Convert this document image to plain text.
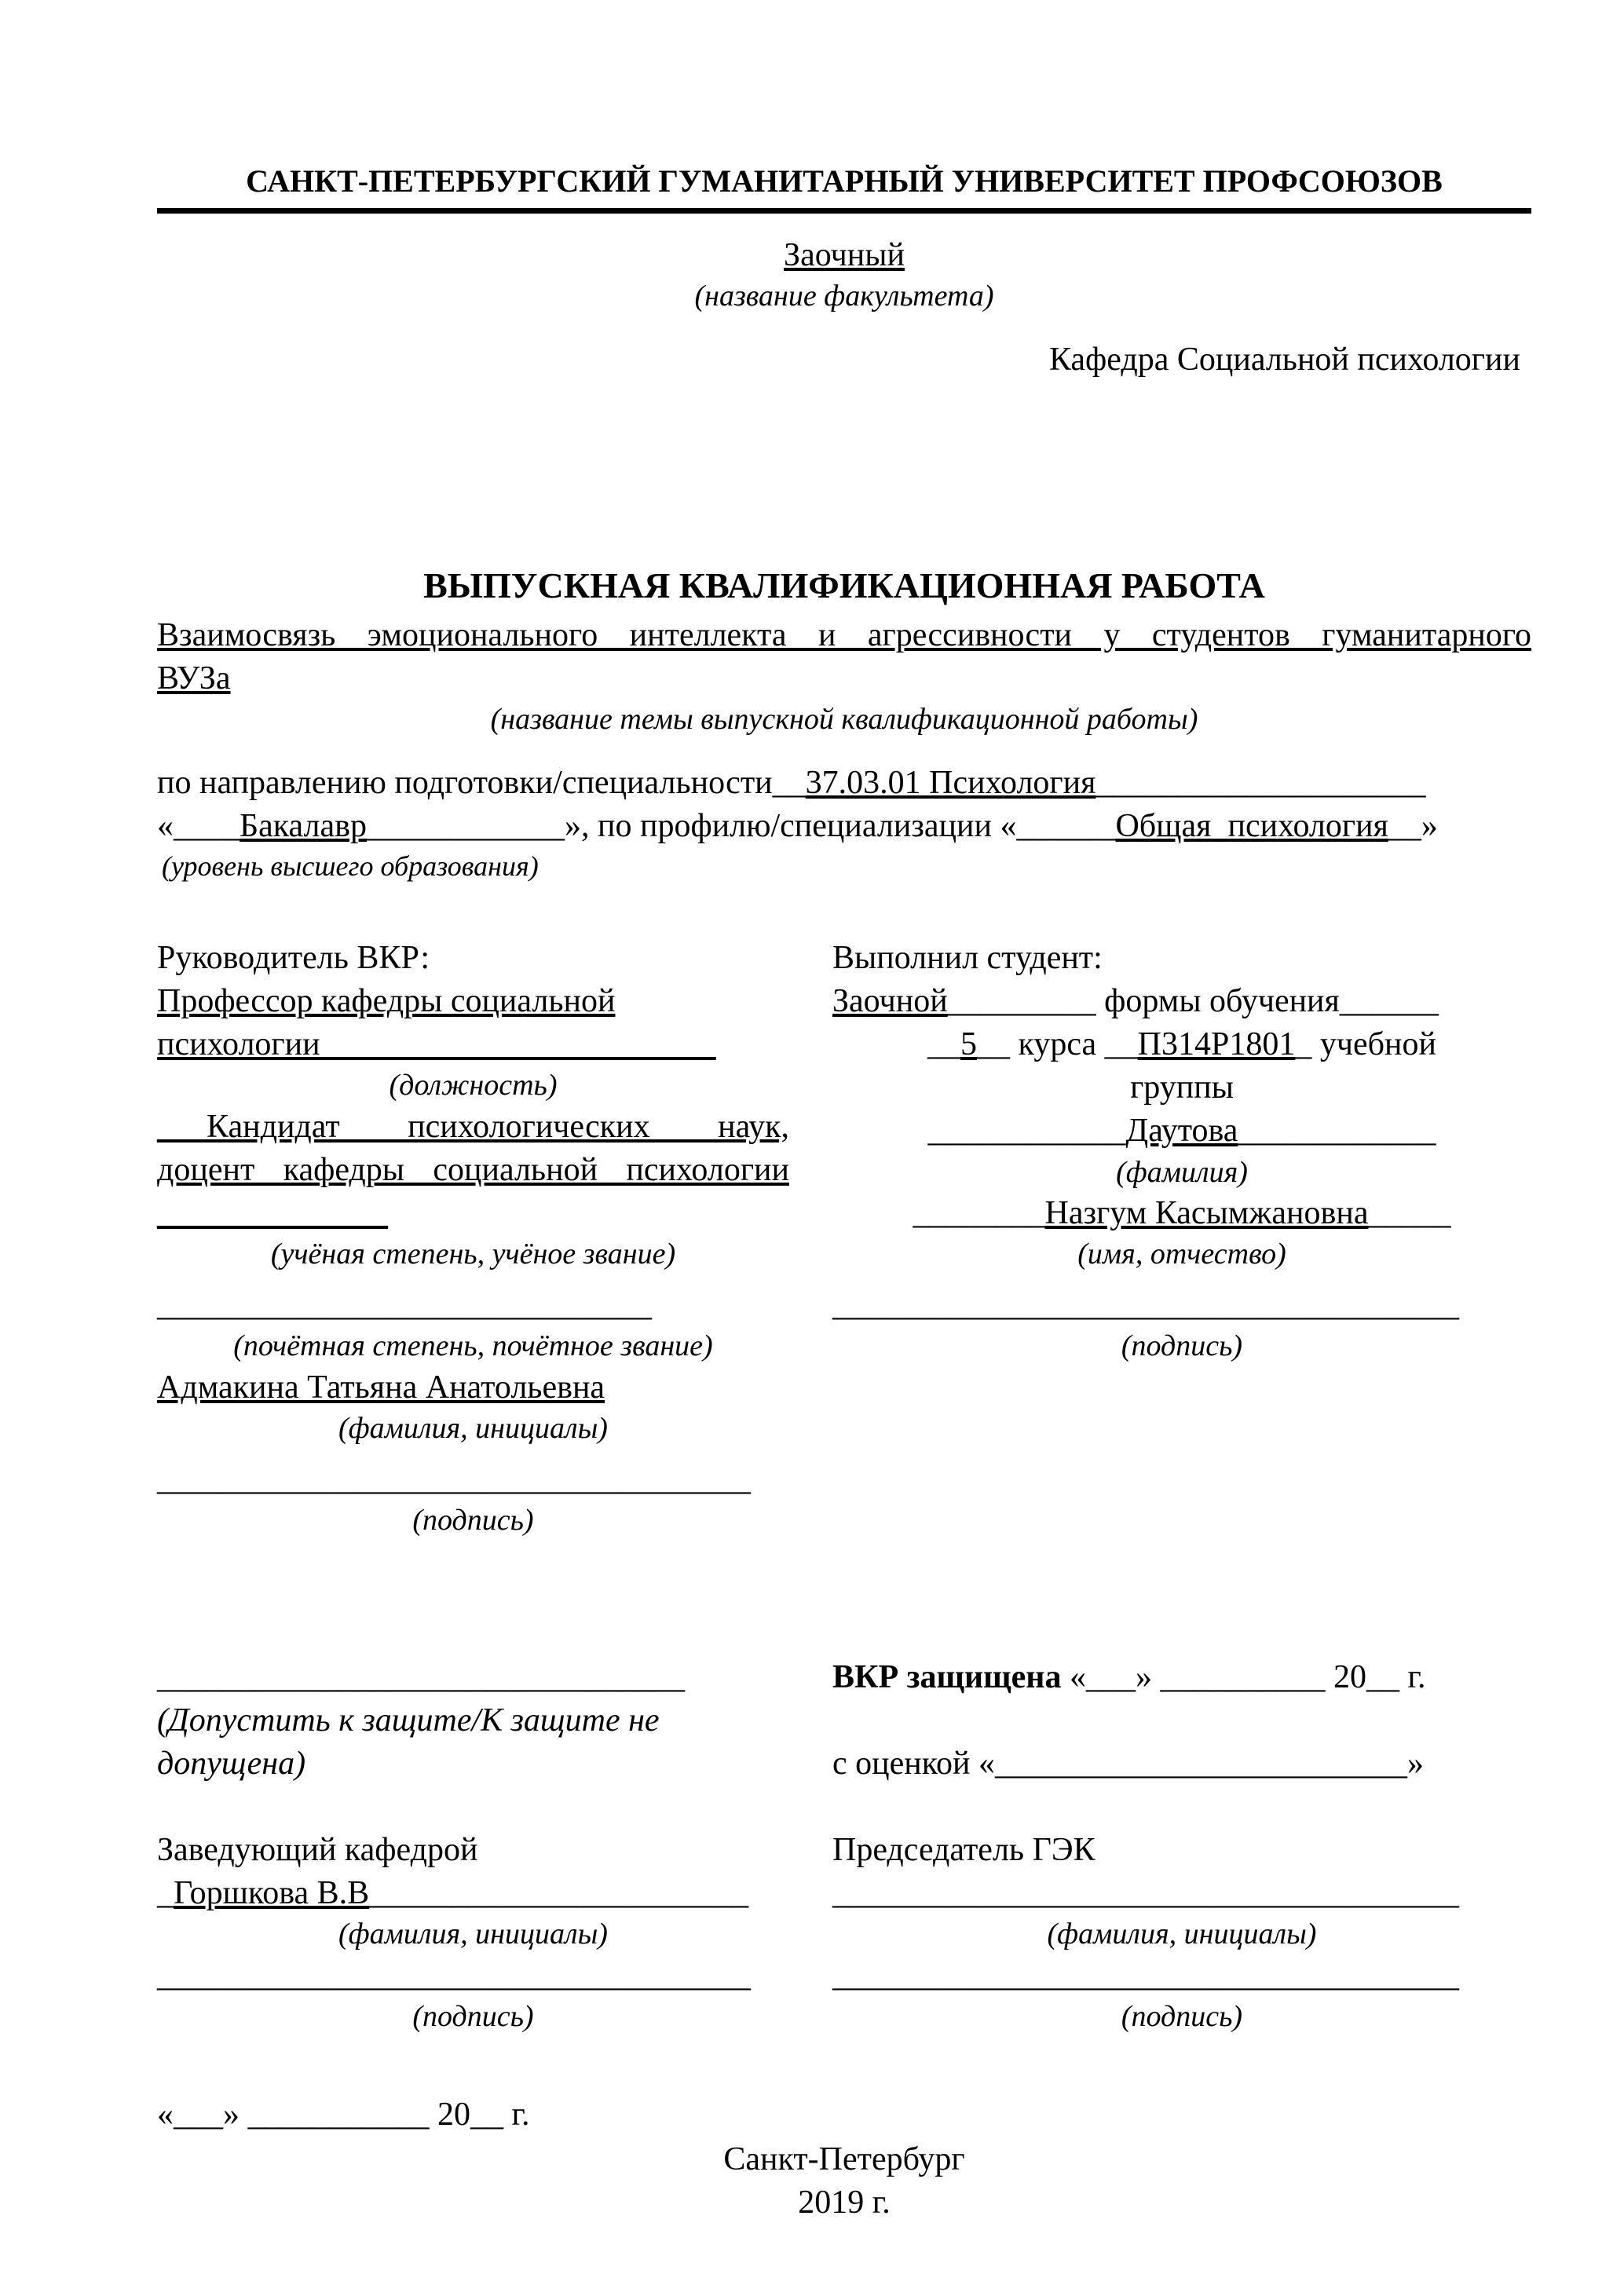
САНКТ-ПЕТЕРБУРГСКИЙ ГУМАНИТАРНЫЙ УНИВЕРСИТЕТ ПРОФСОЮЗОВ
Заочный
(название факультета)
Кафедра Социальной психологии
ВЫПУСКНАЯ КВАЛИФИКАЦИОННАЯ РАБОТА
Взаимосвязь эмоционального интеллекта и агрессивности у студентов гуманитарного
ВУЗа
(название темы выпускной квалификационной работы)
по направлению подготовки/специальности__37.03.01 Психология____________________
«____Бакалавр____________», по профилю/специализации «______Общая_психология__»
(уровень высшего образования)
Руководитель ВКР:
Профессор кафедры социальной
психологии________________________
(должность)
___Кандидат психологических наук,
доцент кафедры социальной психологии
______________
(учёная степень, учёное звание)
______________________________
(почётная степень, почётное звание)
Адмакина Татьяна Анатольевна
(фамилия, инициалы)
____________________________________
(подпись)
Выполнил студент:
Заочной_________ формы обучения______
__5__ курса __П314Р1801_ учебной
группы
____________Даутова____________
(фамилия)
________Назгум Касымжановна_____
(имя, отчество)
______________________________________
(подпись)
________________________________
(Допустить к защите/К защите не допущена)
Заведующий кафедрой
_Горшкова В.В_______________________
(фамилия, инициалы)
____________________________________
(подпись)
«___» ___________ 20__ г.
ВКР защищена «___» __________ 20__ г.
с оценкой «_________________________»
Председатель ГЭК
______________________________________
(фамилия, инициалы)
______________________________________
(подпись)
Санкт-Петербург
2019 г.
